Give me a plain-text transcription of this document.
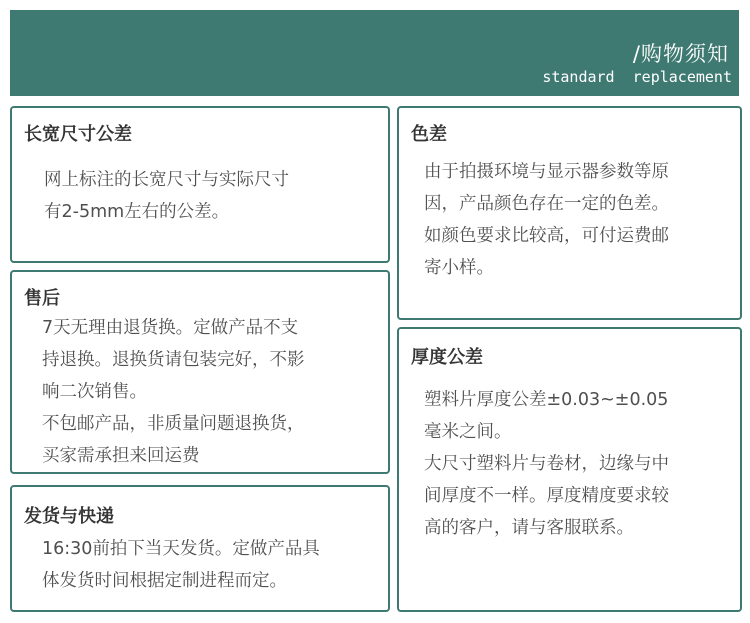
/购物须知
standard  replacement
长宽尺寸公差

网上标注的长宽尺寸与实际尺寸

有2-5mm左右的公差。

售后

7天无理由退货换。定做产品不支

持退换。退换货请包装完好，不影

响二次销售。

不包邮产品，非质量问题退换货，

买家需承担来回运费

发货与快递

16:30前拍下当天发货。定做产品具

体发货时间根据定制进程而定。

色差

由于拍摄环境与显示器参数等原

因，产品颜色存在一定的色差。

如颜色要求比较高，可付运费邮

寄小样。

厚度公差

塑料片厚度公差±0.03~±0.05

毫米之间。

大尺寸塑料片与卷材，边缘与中

间厚度不一样。厚度精度要求较

高的客户，请与客服联系。
